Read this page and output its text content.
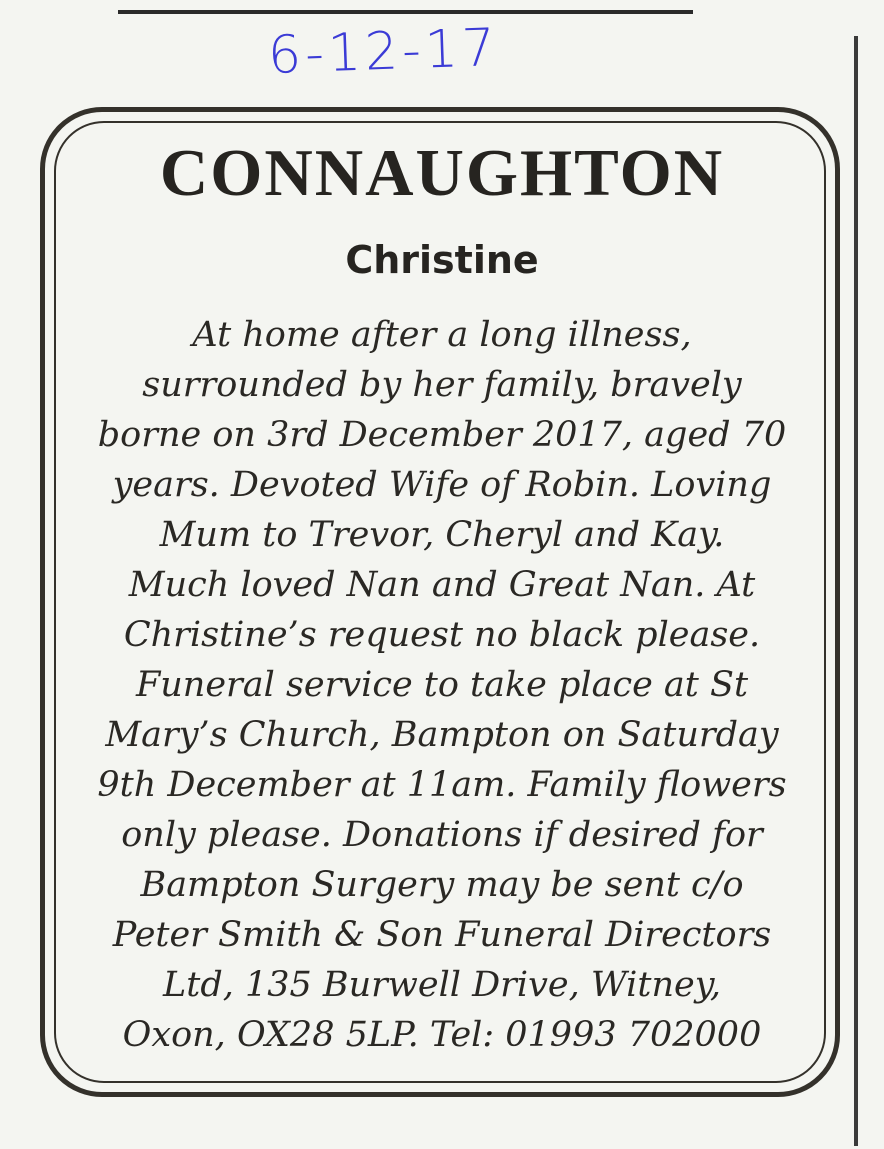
6-12-17
CONNAUGHTON
Christine
At home after a long illness,
surrounded by her family, bravely
borne on 3rd December 2017, aged 70
years. Devoted Wife of Robin. Loving
Mum to Trevor, Cheryl and Kay.
Much loved Nan and Great Nan. At
Christine’s request no black please.
Funeral service to take place at St
Mary’s Church, Bampton on Saturday
9th December at 11am. Family flowers
only please. Donations if desired for
Bampton Surgery may be sent c/o
Peter Smith & Son Funeral Directors
Ltd, 135 Burwell Drive, Witney,
Oxon, OX28 5LP. Tel: 01993 702000
